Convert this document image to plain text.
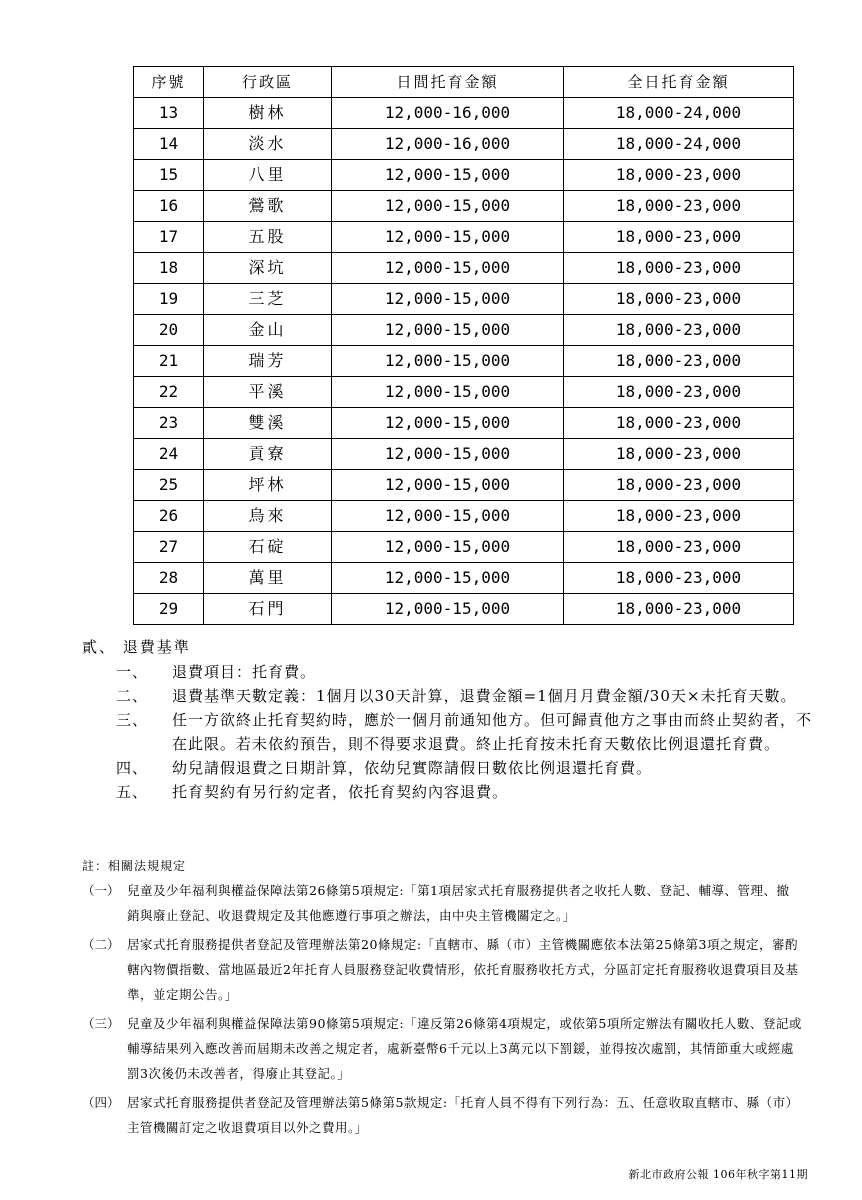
序號	行政區	日間托育金額	全日托育金額
13	樹林	12,000-16,000	18,000-24,000
14	淡水	12,000-16,000	18,000-24,000
15	八里	12,000-15,000	18,000-23,000
16	鶯歌	12,000-15,000	18,000-23,000
17	五股	12,000-15,000	18,000-23,000
18	深坑	12,000-15,000	18,000-23,000
19	三芝	12,000-15,000	18,000-23,000
20	金山	12,000-15,000	18,000-23,000
21	瑞芳	12,000-15,000	18,000-23,000
22	平溪	12,000-15,000	18,000-23,000
23	雙溪	12,000-15,000	18,000-23,000
24	貢寮	12,000-15,000	18,000-23,000
25	坪林	12,000-15,000	18,000-23,000
26	烏來	12,000-15,000	18,000-23,000
27	石碇	12,000-15,000	18,000-23,000
28	萬里	12,000-15,000	18,000-23,000
29	石門	12,000-15,000	18,000-23,000
貳、 退費基準
一、	退費項目：托育費。
二、	退費基準天數定義：1個月以30天計算，退費金額=1個月月費金額/30天×未托育天數。
三、	任一方欲終止托育契約時，應於一個月前通知他方。但可歸責他方之事由而終止契約者，不在此限。若未依約預告，則不得要求退費。終止托育按未托育天數依比例退還托育費。
四、	幼兒請假退費之日期計算，依幼兒實際請假日數依比例退還托育費。
五、	托育契約有另行約定者，依托育契約內容退費。
註：相關法規規定
（一） 兒童及少年福利與權益保障法第26條第5項規定:「第1項居家式托育服務提供者之收托人數、登記、輔導、管理、撤銷與廢止登記、收退費規定及其他應遵行事項之辦法，由中央主管機關定之。」
（二） 居家式托育服務提供者登記及管理辦法第20條規定:「直轄市、縣（市）主管機關應依本法第25條第3項之規定，審酌轄內物價指數、當地區最近2年托育人員服務登記收費情形，依托育服務收托方式，分區訂定托育服務收退費項目及基準，並定期公告。」
（三） 兒童及少年福利與權益保障法第90條第5項規定:「違反第26條第4項規定，或依第5項所定辦法有關收托人數、登記或輔導結果列入應改善而屆期未改善之規定者，處新臺幣6千元以上3萬元以下罰鍰，並得按次處罰，其情節重大或經處罰3次後仍未改善者，得廢止其登記。」
（四） 居家式托育服務提供者登記及管理辦法第5條第5款規定:「托育人員不得有下列行為：五、任意收取直轄市、縣（市）主管機關訂定之收退費項目以外之費用。」
新北市政府公報 106年秋字第11期
